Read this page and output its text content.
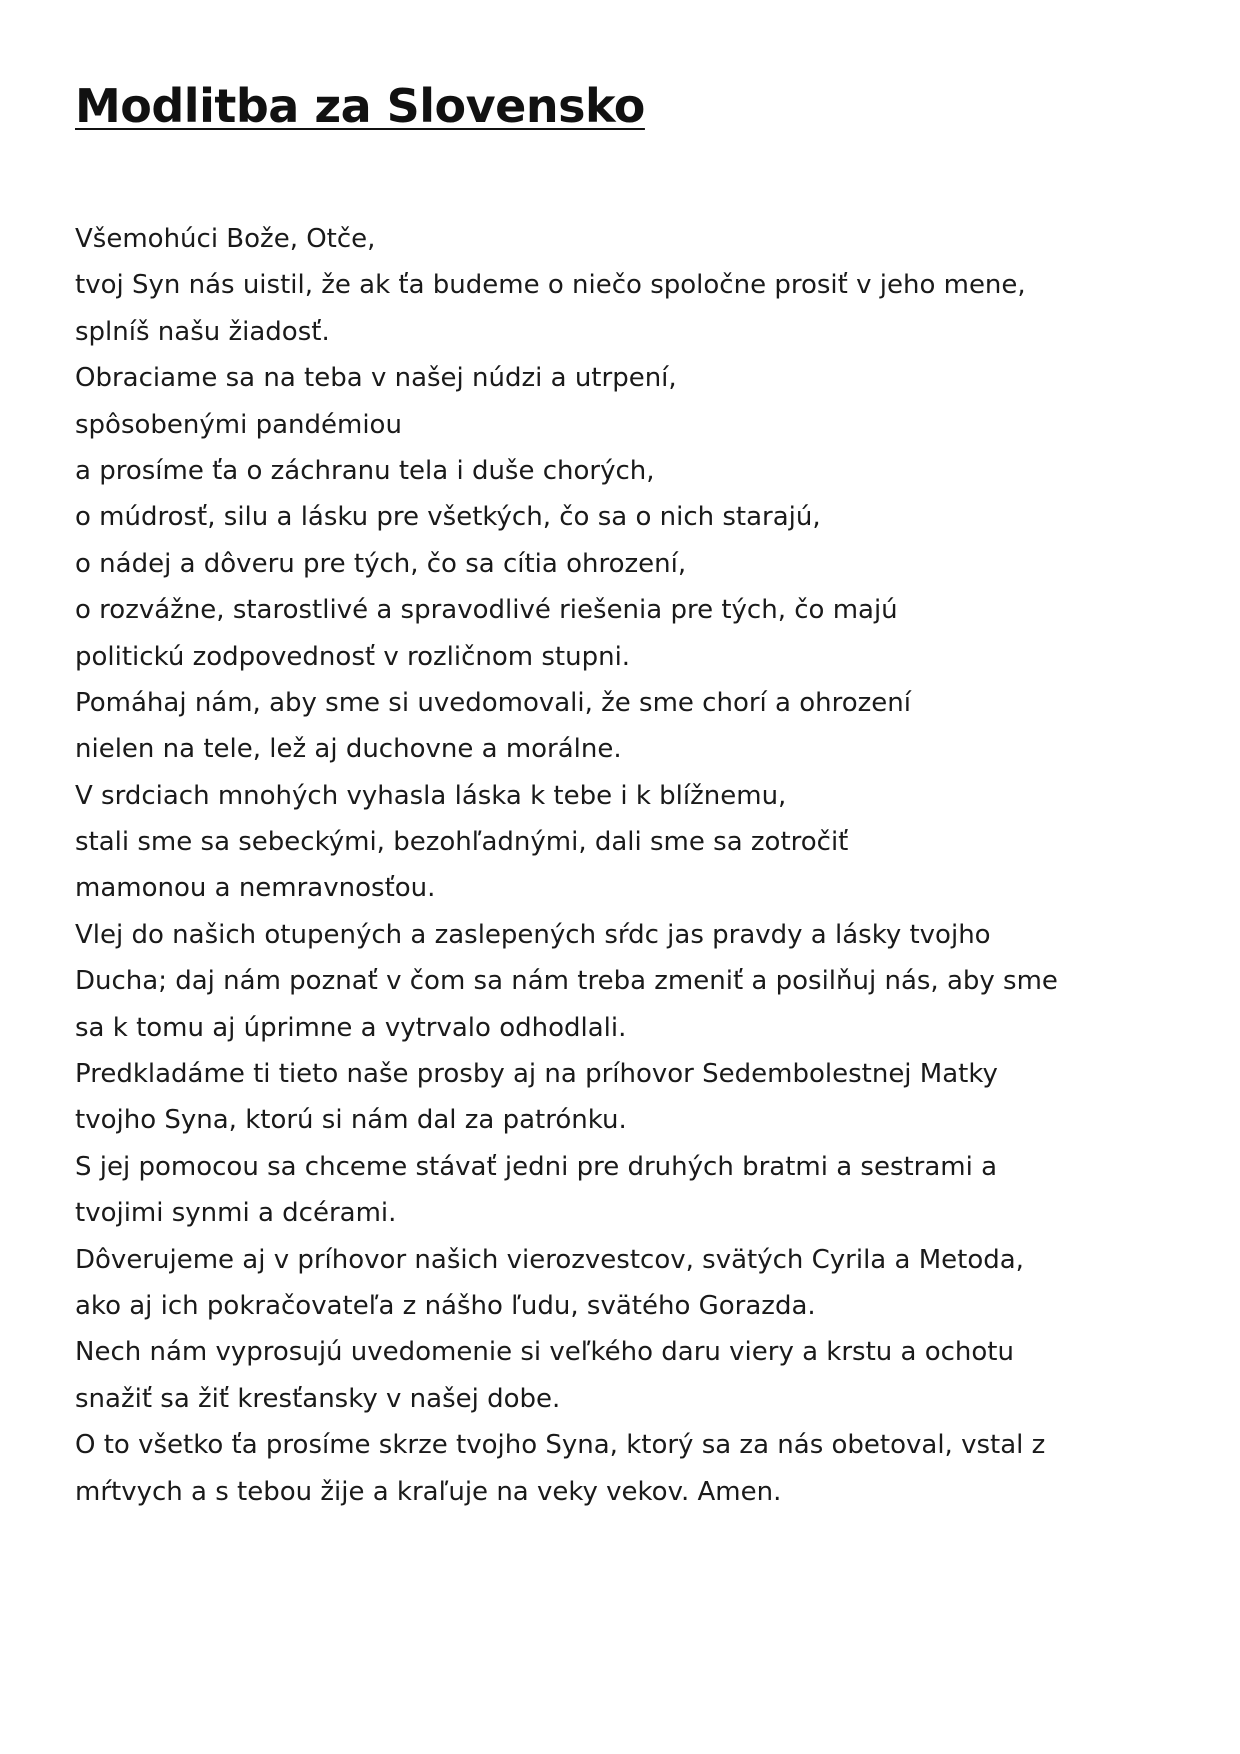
Modlitba za Slovensko
Všemohúci Bože, Otče,
tvoj Syn nás uistil, že ak ťa budeme o niečo spoločne prosiť v jeho mene,
splníš našu žiadosť.
Obraciame sa na teba v našej núdzi a utrpení,
spôsobenými pandémiou
a prosíme ťa o záchranu tela i duše chorých,
o múdrosť, silu a lásku pre všetkých, čo sa o nich starajú,
o nádej a dôveru pre tých, čo sa cítia ohrození,
o rozvážne, starostlivé a spravodlivé riešenia pre tých, čo majú
politickú zodpovednosť v rozličnom stupni.
Pomáhaj nám, aby sme si uvedomovali, že sme chorí a ohrození
nielen na tele, lež aj duchovne a morálne.
V srdciach mnohých vyhasla láska k tebe i k blížnemu,
stali sme sa sebeckými, bezohľadnými, dali sme sa zotročiť
mamonou a nemravnosťou.
Vlej do našich otupených a zaslepených sŕdc jas pravdy a lásky tvojho
Ducha; daj nám poznať v čom sa nám treba zmeniť a posilňuj nás, aby sme
sa k tomu aj úprimne a vytrvalo odhodlali.
Predkladáme ti tieto naše prosby aj na príhovor Sedembolestnej Matky
tvojho Syna, ktorú si nám dal za patrónku.
S jej pomocou sa chceme stávať jedni pre druhých bratmi a sestrami a
tvojimi synmi a dcérami.
Dôverujeme aj v príhovor našich vierozvestcov, svätých Cyrila a Metoda,
ako aj ich pokračovateľa z nášho ľudu, svätého Gorazda.
Nech nám vyprosujú uvedomenie si veľkého daru viery a krstu a ochotu
snažiť sa žiť kresťansky v našej dobe.
O to všetko ťa prosíme skrze tvojho Syna, ktorý sa za nás obetoval, vstal z
mŕtvych a s tebou žije a kraľuje na veky vekov. Amen.
